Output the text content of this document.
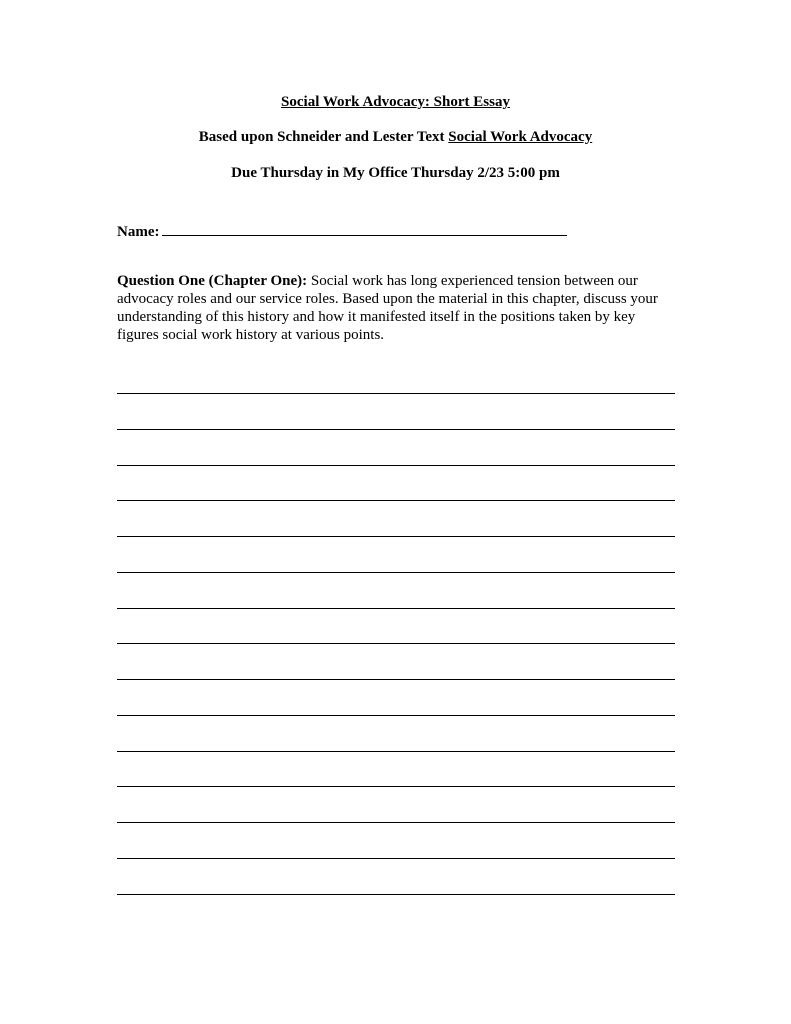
Social Work Advocacy: Short Essay
Based upon Schneider and Lester Text Social Work Advocacy
Due Thursday in My Office Thursday 2/23 5:00 pm
Name:
Question One (Chapter One): Social work has long experienced tension between our advocacy roles and our service roles. Based upon the material in this chapter, discuss your understanding of this history and how it manifested itself in the positions taken by key figures social work history at various points.
